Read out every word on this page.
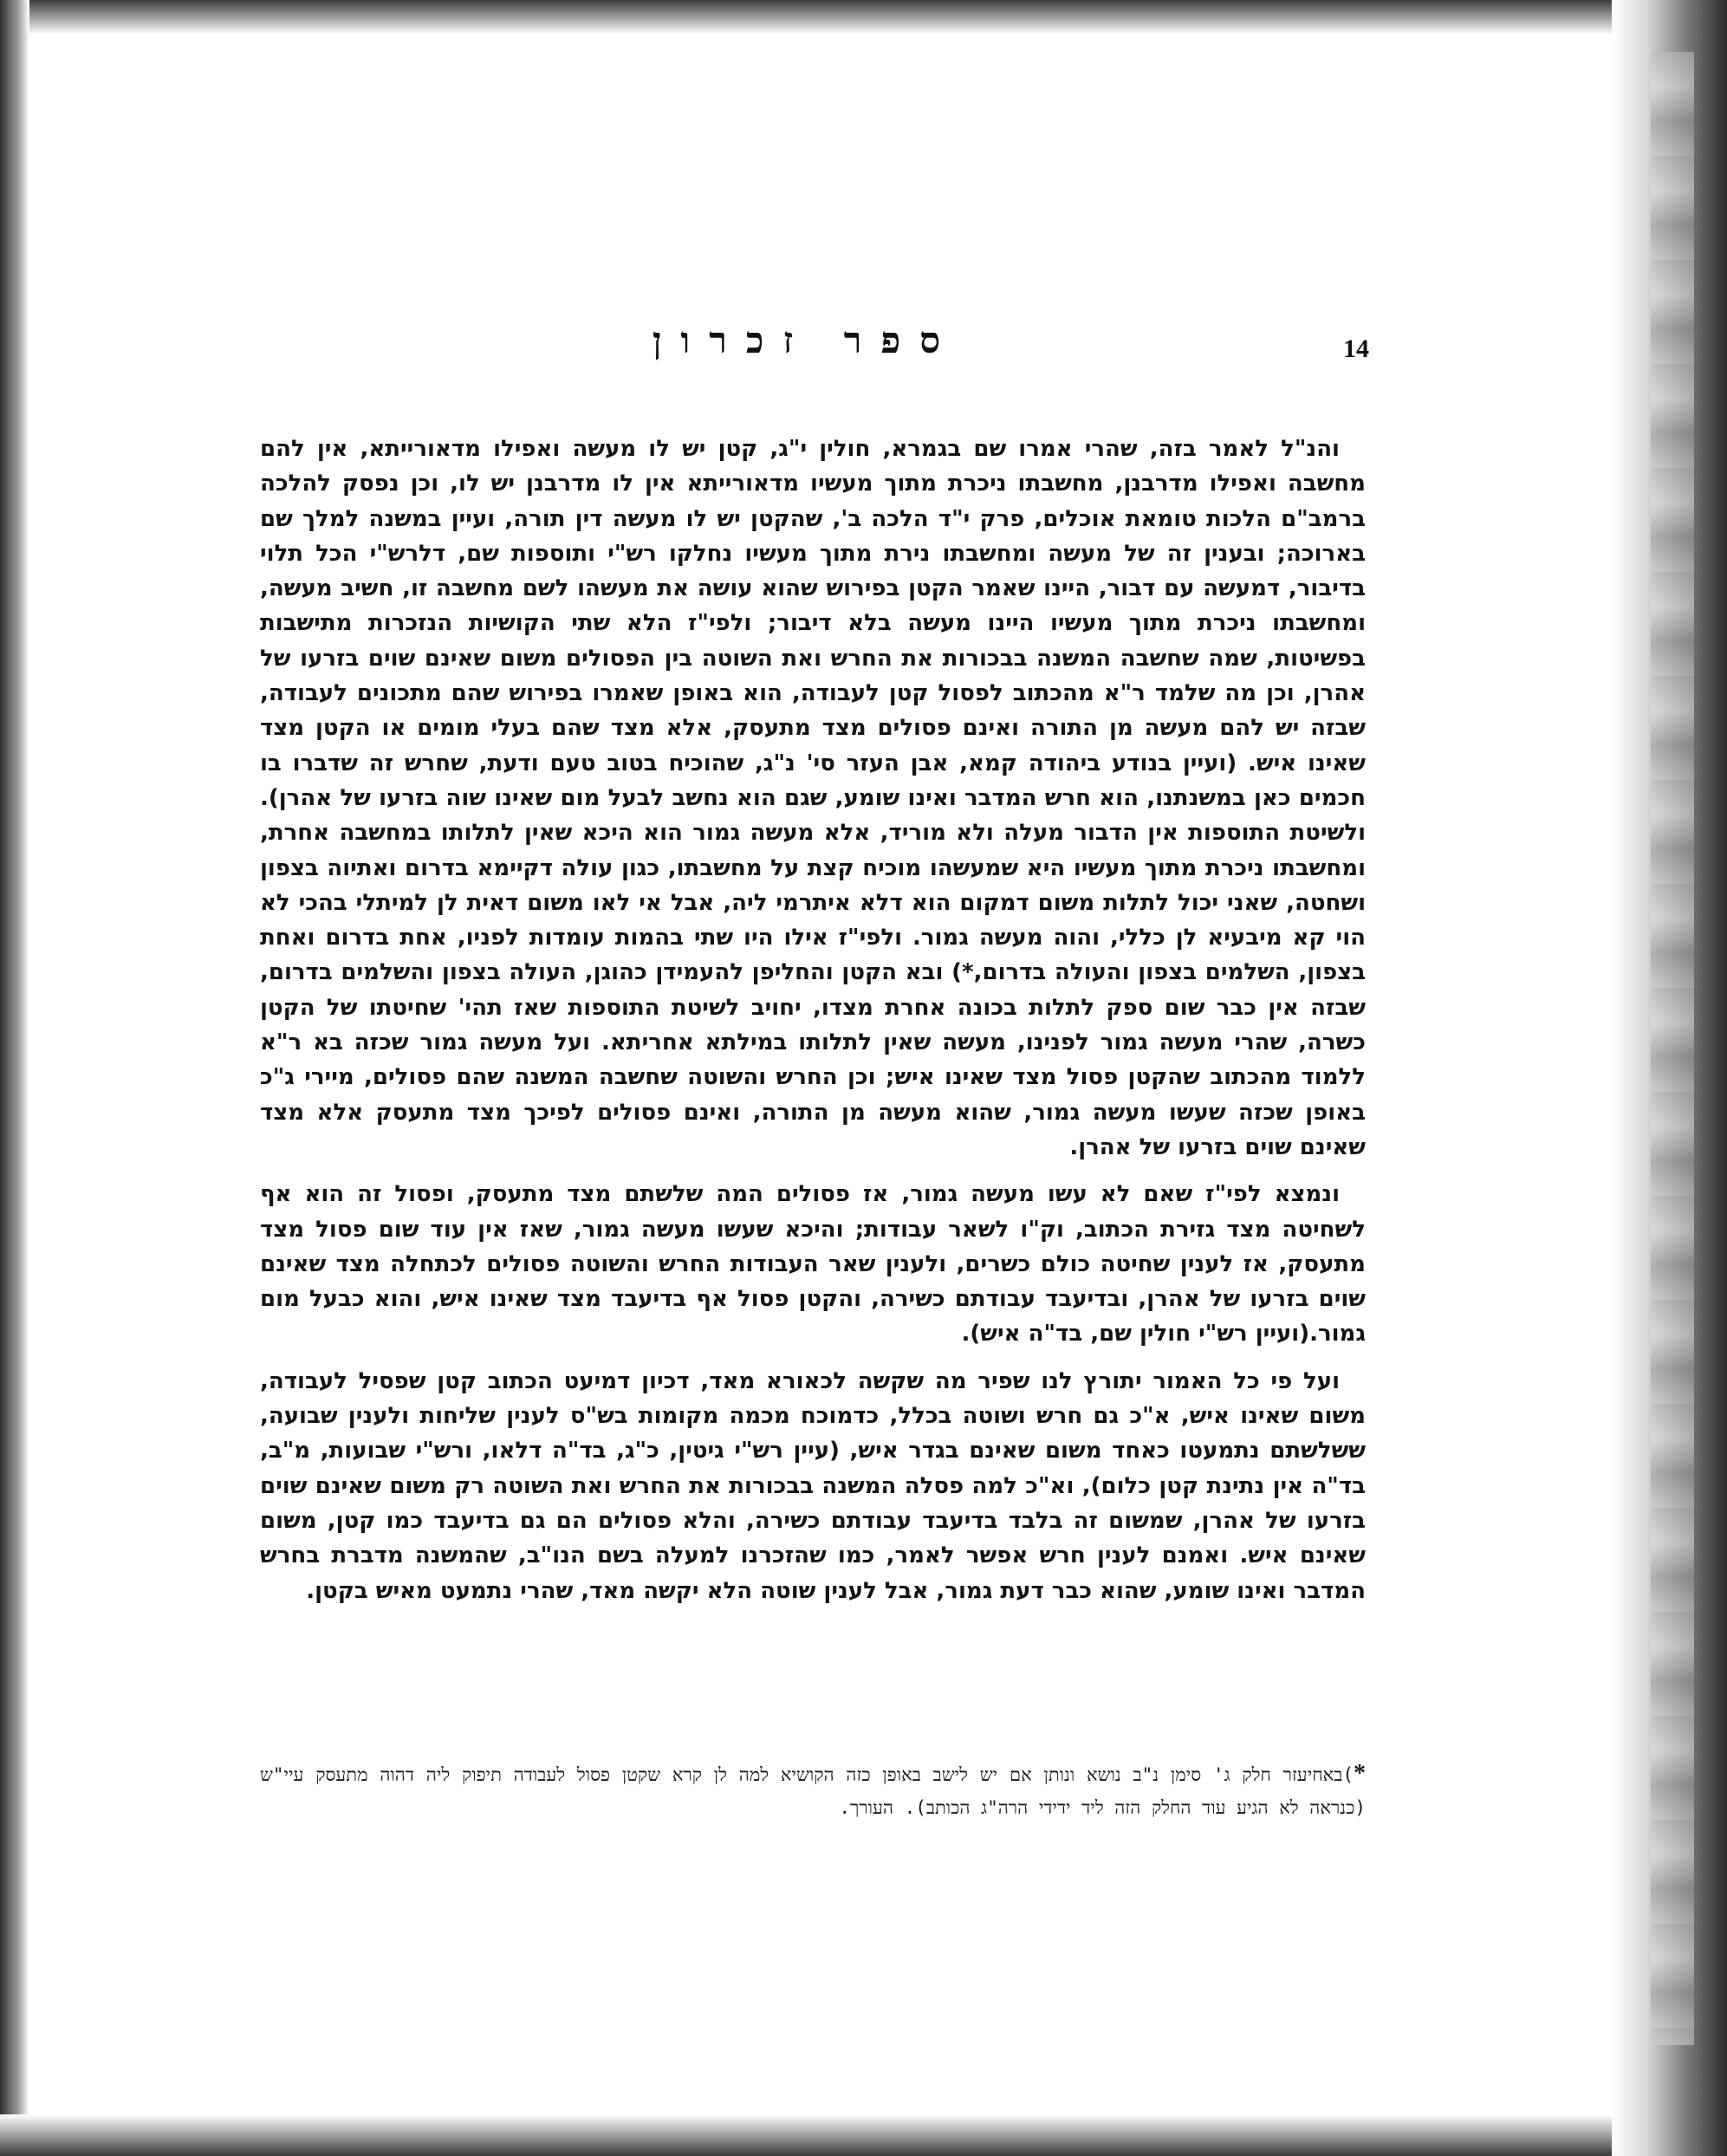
ספר זכרון	14

והנ"ל לאמר בזה, שהרי אמרו שם בגמרא, חולין י"ג, קטן יש לו מעשה ואפילו מדאורייתא, אין להם מחשבה ואפילו מדרבנן, מחשבתו ניכרת מתוך מעשיו מדאורייתא אין לו מדרבנן יש לו, וכן נפסק להלכה ברמב"ם הלכות טומאת אוכלים, פרק י"ד הלכה ב', שהקטן יש לו מעשה דין תורה, ועיין במשנה למלך שם בארוכה; ובענין זה של מעשה ומחשבתו נירת מתוך מעשיו נחלקו רש"י ותוספות שם, דלרש"י הכל תלוי בדיבור, דמעשה עם דבור, היינו שאמר הקטן בפירוש שהוא עושה את מעשהו לשם מחשבה זו, חשיב מעשה, ומחשבתו ניכרת מתוך מעשיו היינו מעשה בלא דיבור; ולפי"ז הלא שתי הקושיות הנזכרות מתישבות בפשיטות, שמה שחשבה המשנה בבכורות את החרש ואת השוטה בין הפסולים משום שאינם שוים בזרעו של אהרן, וכן מה שלמד ר"א מהכתוב לפסול קטן לעבודה, הוא באופן שאמרו בפירוש שהם מתכונים לעבודה, שבזה יש להם מעשה מן התורה ואינם פסולים מצד מתעסק, אלא מצד שהם בעלי מומים או הקטן מצד שאינו איש. (ועיין בנודע ביהודה קמא, אבן העזר סי' נ"ג, שהוכיח בטוב טעם ודעת, שחרש זה שדברו בו חכמים כאן במשנתנו, הוא חרש המדבר ואינו שומע, שגם הוא נחשב לבעל מום שאינו שוה בזרעו של אהרן). ולשיטת התוספות אין הדבור מעלה ולא מוריד, אלא מעשה גמור הוא היכא שאין לתלותו במחשבה אחרת, ומחשבתו ניכרת מתוך מעשיו היא שמעשהו מוכיח קצת על מחשבתו, כגון עולה דקיימא בדרום ואתיוה בצפון ושחטה, שאני יכול לתלות משום דמקום הוא דלא איתרמי ליה, אבל אי לאו משום דאית לן למיתלי בהכי לא הוי קא מיבעיא לן כללי, והוה מעשה גמור. ולפי"ז אילו היו שתי בהמות עומדות לפניו, אחת בדרום ואחת בצפון, השלמים בצפון והעולה בדרום,*) ובא הקטן והחליפן להעמידן כהוגן, העולה בצפון והשלמים בדרום, שבזה אין כבר שום ספק לתלות בכונה אחרת מצדו, יחויב לשיטת התוספות שאז תהי' שחיטתו של הקטן כשרה, שהרי מעשה גמור לפנינו, מעשה שאין לתלותו במילתא אחריתא. ועל מעשה גמור שכזה בא ר"א ללמוד מהכתוב שהקטן פסול מצד שאינו איש; וכן החרש והשוטה שחשבה המשנה שהם פסולים, מיירי ג"כ באופן שכזה שעשו מעשה גמור, שהוא מעשה מן התורה, ואינם פסולים לפיכך מצד מתעסק אלא מצד שאינם שוים בזרעו של אהרן.

ונמצא לפי"ז שאם לא עשו מעשה גמור, אז פסולים המה שלשתם מצד מתעסק, ופסול זה הוא אף לשחיטה מצד גזירת הכתוב, וק"ו לשאר עבודות; והיכא שעשו מעשה גמור, שאז אין עוד שום פסול מצד מתעסק, אז לענין שחיטה כולם כשרים, ולענין שאר העבודות החרש והשוטה פסולים לכתחלה מצד שאינם שוים בזרעו של אהרן, ובדיעבד עבודתם כשירה, והקטן פסול אף בדיעבד מצד שאינו איש, והוא כבעל מום גמור.(ועיין רש"י חולין שם, בד"ה איש).

ועל פי כל האמור יתורץ לנו שפיר מה שקשה לכאורא מאד, דכיון דמיעט הכתוב קטן שפסיל לעבודה, משום שאינו איש, א"כ גם חרש ושוטה בכלל, כדמוכח מכמה מקומות בש"ס לענין שליחות ולענין שבועה, ששלשתם נתמעטו כאחד משום שאינם בגדר איש, (עיין רש"י גיטין, כ"ג, בד"ה דלאו, ורש"י שבועות, מ"ב, בד"ה אין נתינת קטן כלום), וא"כ למה פסלה המשנה בבכורות את החרש ואת השוטה רק משום שאינם שוים בזרעו של אהרן, שמשום זה בלבד בדיעבד עבודתם כשירה, והלא פסולים הם גם בדיעבד כמו קטן, משום שאינם איש. ואמנם לענין חרש אפשר לאמר, כמו שהזכרנו למעלה בשם הנו"ב, שהמשנה מדברת בחרש המדבר ואינו שומע, שהוא כבר דעת גמור, אבל לענין שוטה הלא יקשה מאד, שהרי נתמעט מאיש בקטן.

*)באחיעזר חלק ג' סימן נ"ב נושא ונותן אם יש לישב באופן כזה הקושיא למה לן קרא שקטן פסול לעבודה תיפוק ליה דהוה מתעסק עיי"ש (כנראה לא הגיע עוד החלק הזה ליד ידידי הרה"ג הכותב). העורך.
